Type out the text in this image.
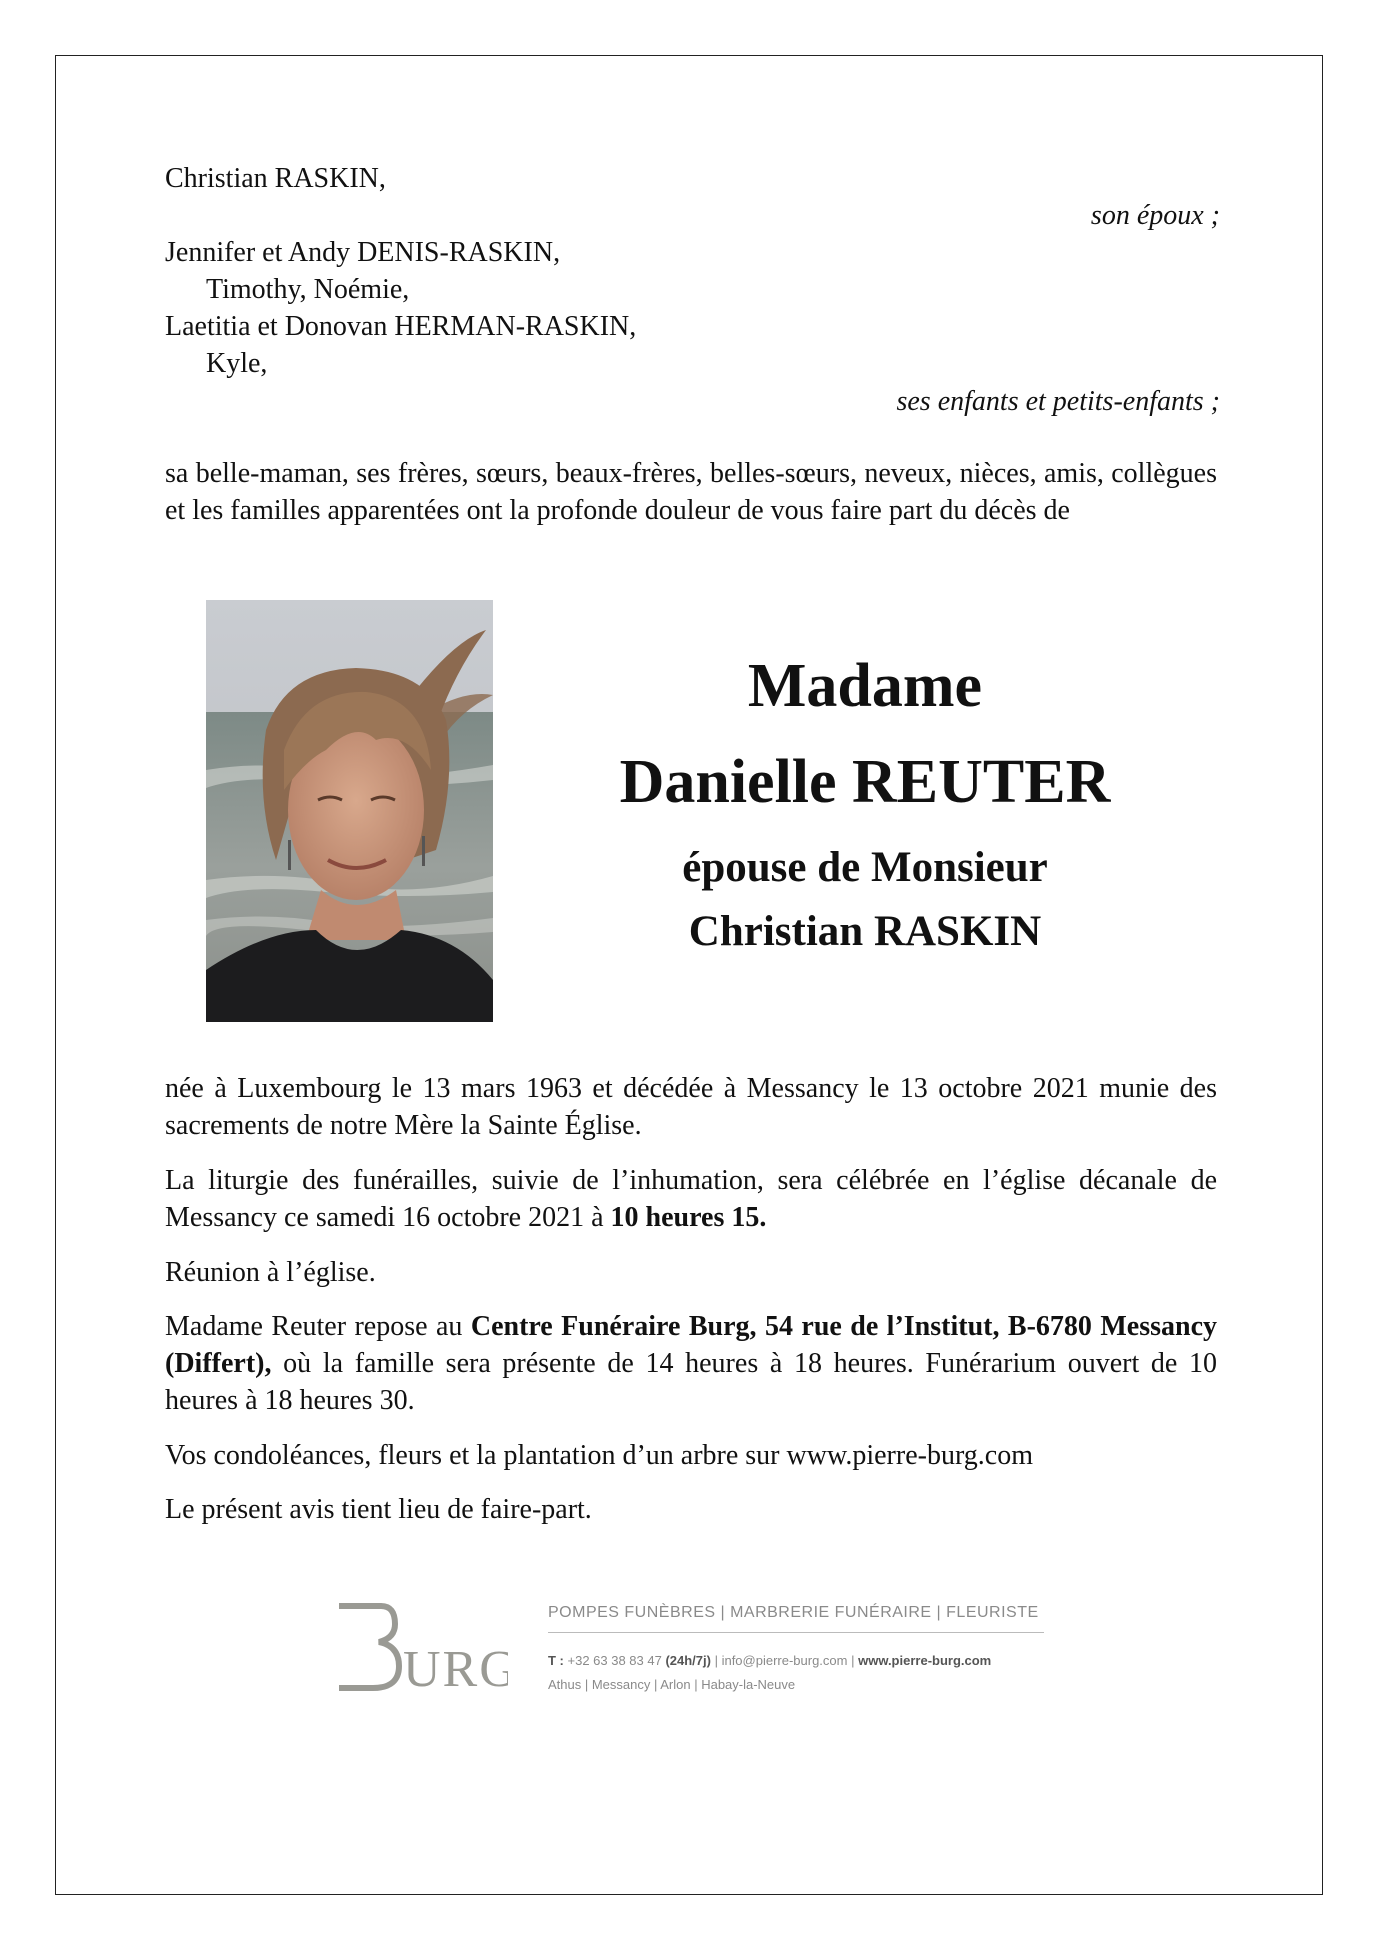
Christian RASKIN,
son époux ;
Jennifer et Andy DENIS-RASKIN,
Timothy, Noémie,
Laetitia et Donovan HERMAN-RASKIN,
Kyle,
ses enfants et petits-enfants ;
sa belle-maman, ses frères, sœurs, beaux-frères, belles-sœurs, neveux, nièces, amis, collègues et les familles apparentées ont la profonde douleur de vous faire part du décès de
Madame
Danielle REUTER
épouse de Monsieur
Christian RASKIN
née à Luxembourg le 13 mars 1963 et décédée à Messancy le 13 octobre 2021 munie des sacrements de notre Mère la Sainte Église.
La liturgie des funérailles, suivie de l’inhumation, sera célébrée en l’église décanale de Messancy ce samedi 16 octobre 2021 à 10 heures 15.
Réunion à l’église.
Madame Reuter repose au Centre Funéraire Burg, 54 rue de l’Institut, B-6780 Messancy (Differt), où la famille sera présente de 14 heures à 18 heures. Funérarium ouvert de 10 heures à 18 heures 30.
Vos condoléances, fleurs et la plantation d’un arbre sur www.pierre-burg.com
Le présent avis tient lieu de faire-part.
URG
POMPES FUNÈBRES | MARBRERIE FUNÉRAIRE | FLEURISTE
T : +32 63 38 83 47 (24h/7j) | info@pierre-burg.com | www.pierre-burg.com
Athus | Messancy | Arlon | Habay-la-Neuve
